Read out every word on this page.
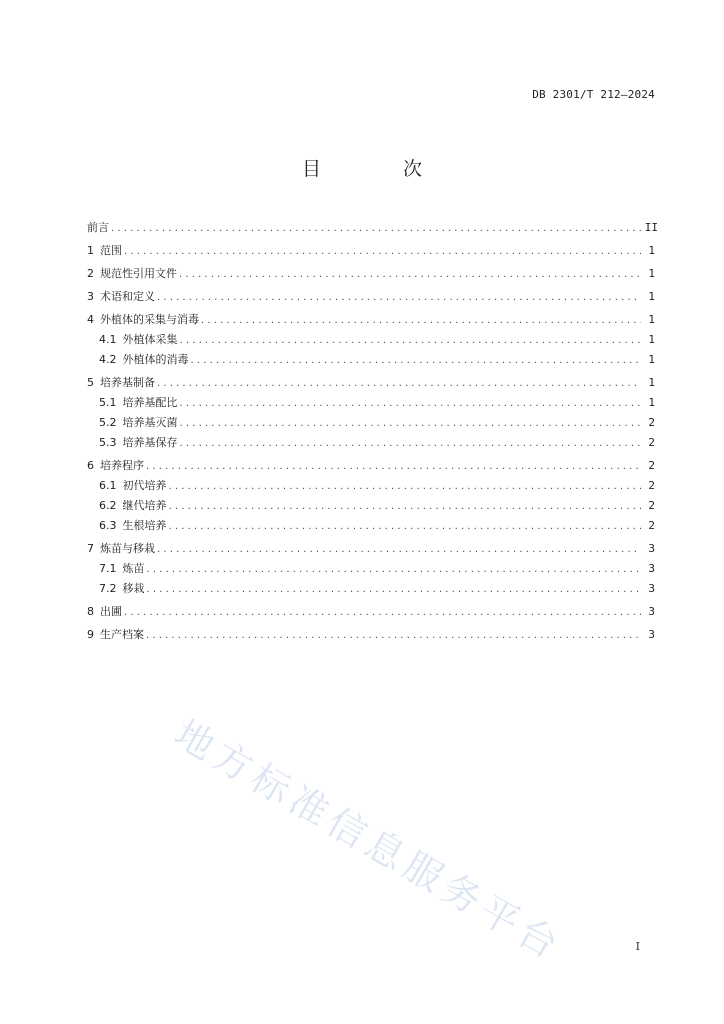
DB 2301/T 212—2024
目 次
前言 . . .	II
1 范围 . . .	1
2 规范性引用文件 . . .	1
3 术语和定义 . . .	1
4 外植体的采集与消毒 . . .	1
4.1 外植体采集 . . .	1
4.2 外植体的消毒 . . .	1
5 培养基制备 . . .	1
5.1 培养基配比 . . .	1
5.2 培养基灭菌 . . .	2
5.3 培养基保存 . . .	2
6 培养程序 . . .	2
6.1 初代培养 . . .	2
6.2 继代培养 . . .	2
6.3 生根培养 . . .	2
7 炼苗与移栽 . . .	3
7.1 炼苗 . . .	3
7.2 移栽 . . .	3
8 出圃 . . .	3
9 生产档案 . . .	3
地方标准信息服务平台	I
